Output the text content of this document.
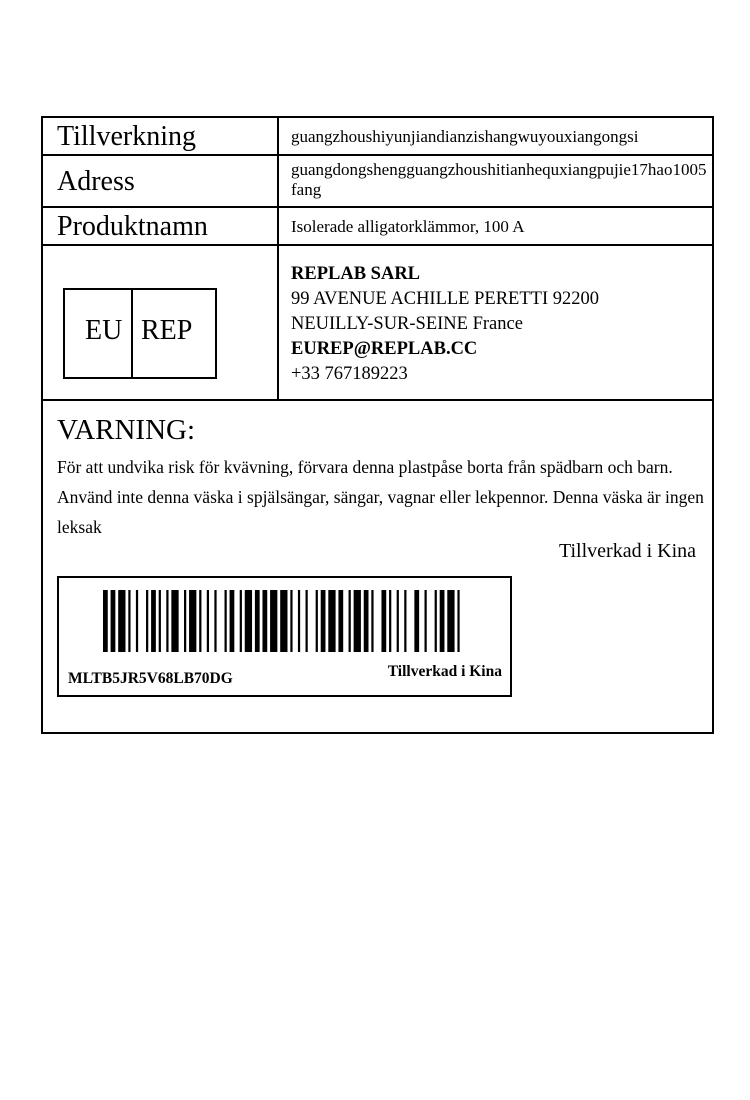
Tillverkning	guangzhoushiyunjiandianzishangwuyouxiangongsi
Adress	guangdongshengguangzhoushitianhequxiangpujie17hao1005fang
Produktnamn	Isolerade alligatorklämmor, 100 A
EU REP
REPLAB SARL
99 AVENUE ACHILLE PERETTI 92200
NEUILLY-SUR-SEINE France
EUREP@REPLAB.CC
+33 767189223
VARNING:
För att undvika risk för kvävning, förvara denna plastpåse borta från spädbarn och barn. Använd inte denna väska i spjälsängar, sängar, vagnar eller lekpennor. Denna väska är ingen leksak
Tillverkad i Kina
MLTB5JR5V68LB70DG	Tillverkad i Kina
